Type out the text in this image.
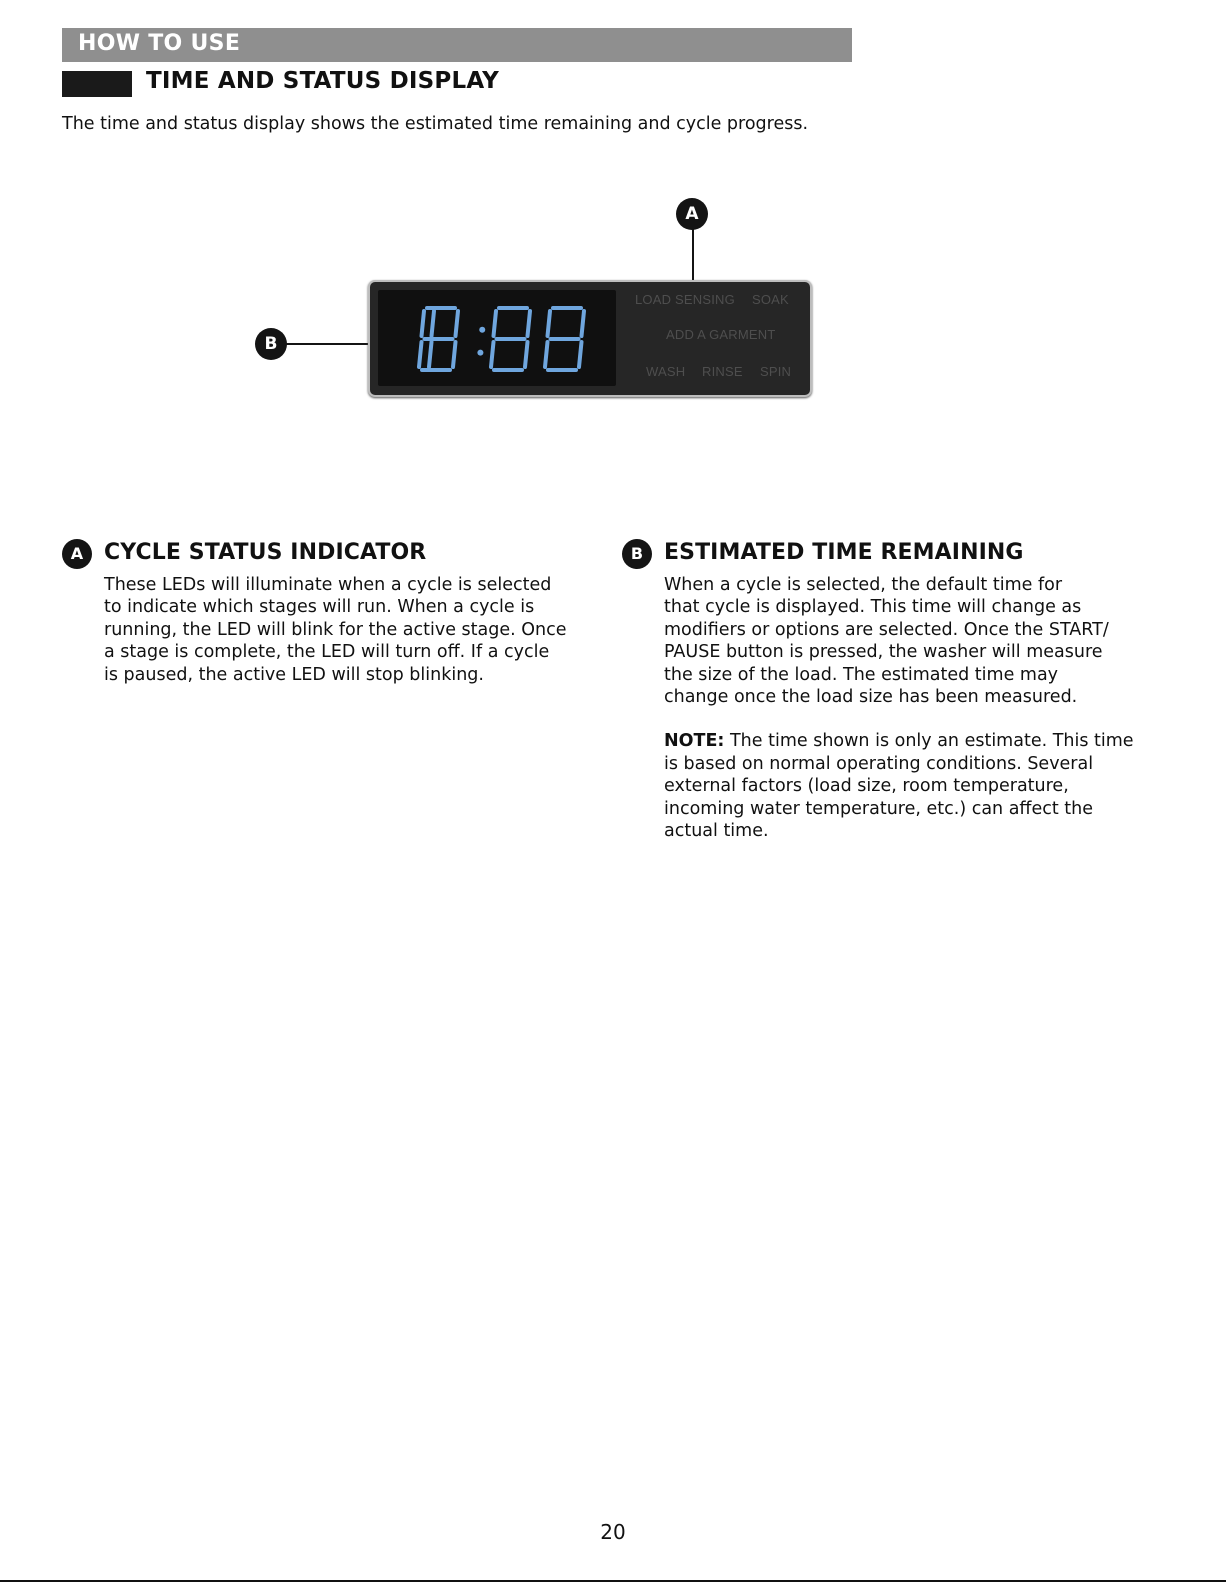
HOW TO USE
TIME AND STATUS DISPLAY
The time and status display shows the estimated time remaining and cycle progress.
A
B
LOAD SENSING SOAK
ADD A GARMENT
WASH RINSE SPIN
A CYCLE STATUS INDICATOR

These LEDs will illuminate when a cycle is selected

to indicate which stages will run. When a cycle is

running, the LED will blink for the active stage. Once

a stage is complete, the LED will turn off. If a cycle

is paused, the active LED will stop blinking.

B ESTIMATED TIME REMAINING

When a cycle is selected, the default time for

that cycle is displayed. This time will change as

modifiers or options are selected. Once the START/

PAUSE button is pressed, the washer will measure

the size of the load. The estimated time may

change once the load size has been measured.

NOTE: The time shown is only an estimate. This time

is based on normal operating conditions. Several

external factors (load size, room temperature,

incoming water temperature, etc.) can affect the

actual time.

20
